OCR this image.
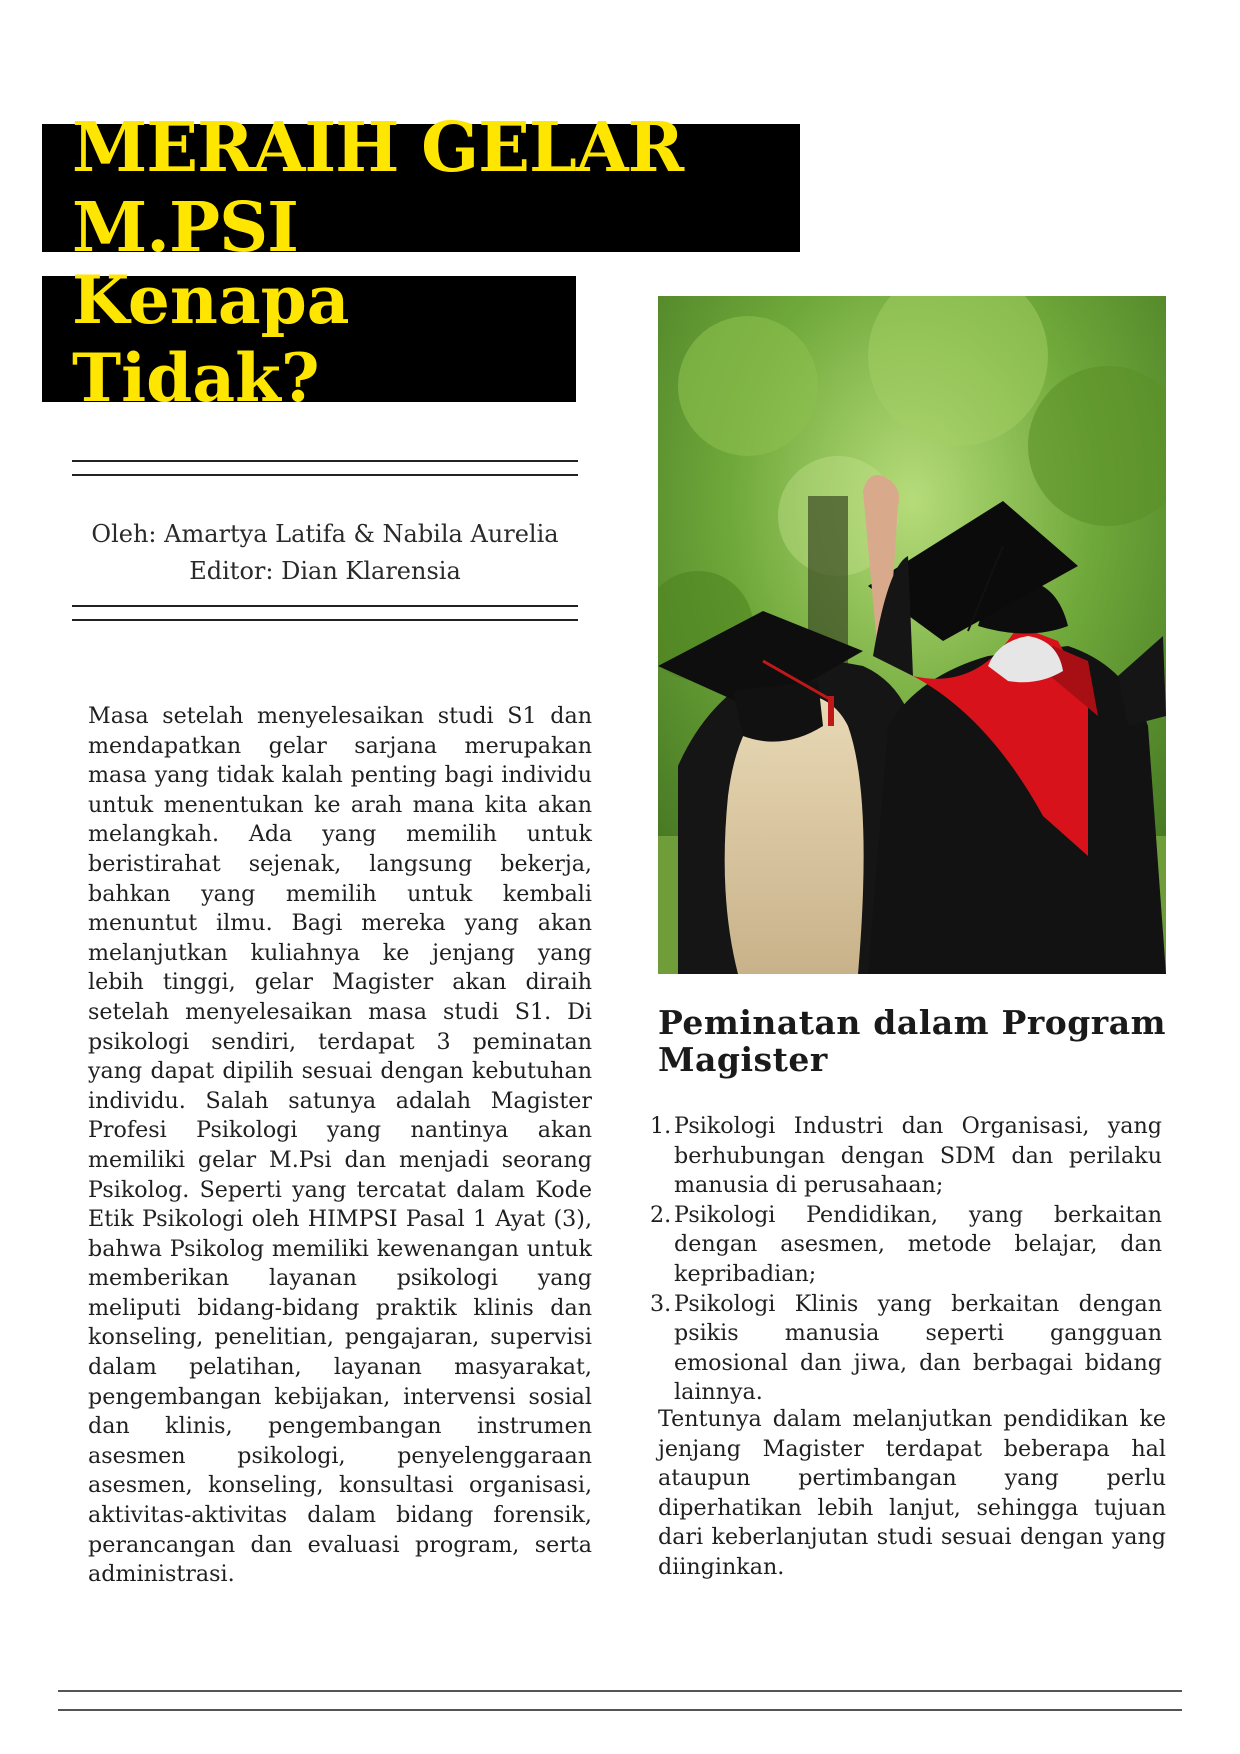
MERAIH GELAR M.PSI
Kenapa Tidak?
Oleh: Amartya Latifa & Nabila Aurelia
Editor: Dian Klarensia

Masa setelah menyelesaikan studi S1 dan mendapatkan gelar sarjana merupakan masa yang tidak kalah penting bagi individu untuk menentukan ke arah mana kita akan melangkah. Ada yang memilih untuk beristirahat sejenak, langsung bekerja, bahkan yang memilih untuk kembali menuntut ilmu. Bagi mereka yang akan melanjutkan kuliahnya ke jenjang yang lebih tinggi, gelar Magister akan diraih setelah menyelesaikan masa studi S1. Di psikologi sendiri, terdapat 3 peminatan yang dapat dipilih sesuai dengan kebutuhan individu. Salah satunya adalah Magister Profesi Psikologi yang nantinya akan memiliki gelar M.Psi dan menjadi seorang Psikolog. Seperti yang tercatat dalam Kode Etik Psikologi oleh HIMPSI Pasal 1 Ayat (3), bahwa Psikolog memiliki kewenangan untuk memberikan layanan psikologi yang meliputi bidang-bidang praktik klinis dan konseling, penelitian, pengajaran, supervisi dalam pelatihan, layanan masyarakat, pengembangan kebijakan, intervensi sosial dan klinis, pengembangan instrumen asesmen psikologi, penyelenggaraan asesmen, konseling, konsultasi organisasi, aktivitas-aktivitas dalam bidang forensik, perancangan dan evaluasi program, serta administrasi.

Peminatan dalam Program
Magister
1. Psikologi Industri dan Organisasi, yang berhubungan dengan SDM dan perilaku manusia di perusahaan;
2. Psikologi Pendidikan, yang berkaitan dengan asesmen, metode belajar, dan kepribadian;
3. Psikologi Klinis yang berkaitan dengan psikis manusia seperti gangguan emosional dan jiwa, dan berbagai bidang lainnya.

Tentunya dalam melanjutkan pendidikan ke jenjang Magister terdapat beberapa hal ataupun pertimbangan yang perlu diperhatikan lebih lanjut, sehingga tujuan dari keberlanjutan studi sesuai dengan yang diinginkan.
